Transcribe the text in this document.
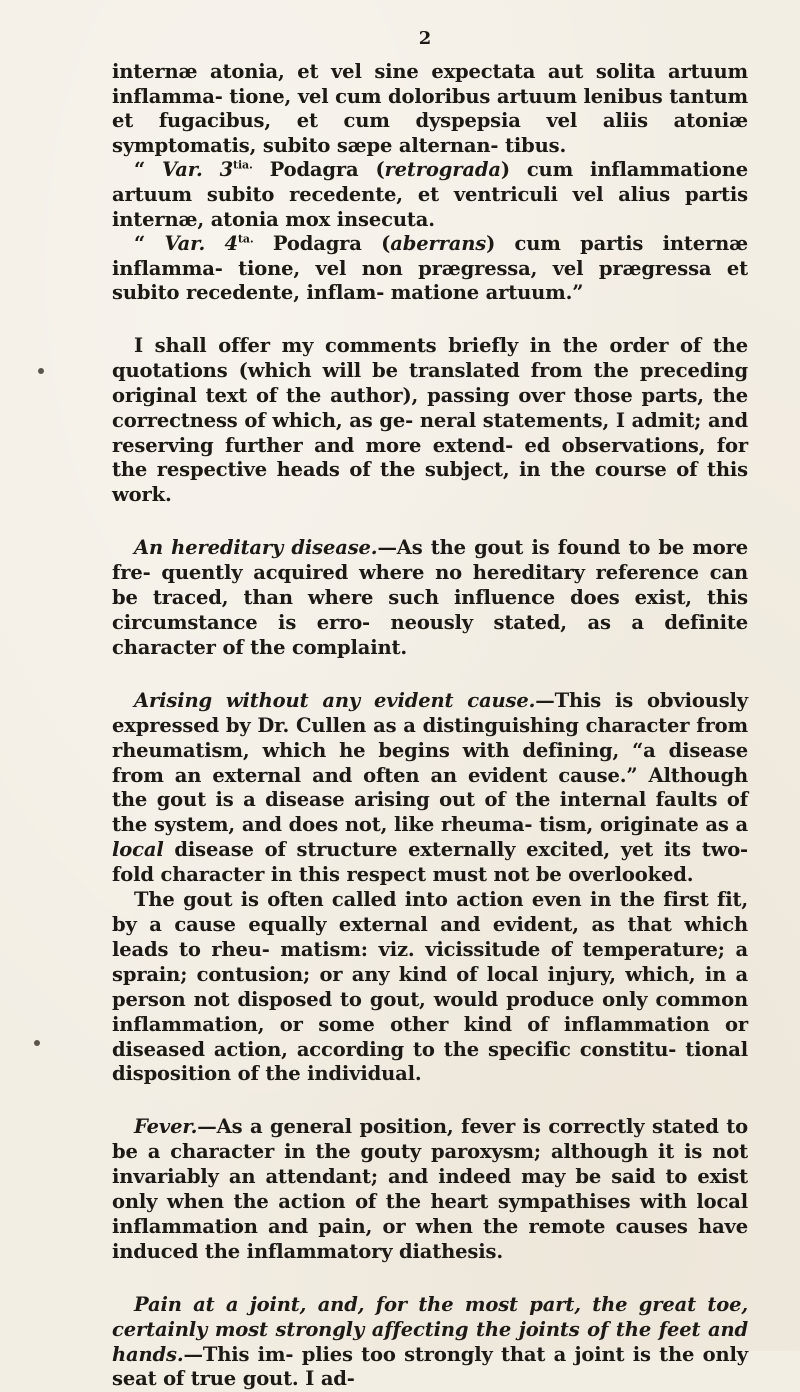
2

internæ atonia, et vel sine expectata aut solita artuum inflamma- tione, vel cum doloribus artuum lenibus tantum et fugacibus, et cum dyspepsia vel aliis atoniæ symptomatis, subito sæpe alternan- tibus.

“ Var. $3^{tia.}$ Podagra (retrograda) cum inflammatione artuum subito recedente, et ventriculi vel alius partis internæ, atonia mox insecuta.

“ Var. $4^{ta.}$ Podagra (aberrans) cum partis internæ inflamma- tione, vel non prægressa, vel prægressa et subito recedente, inflam- matione artuum.”

I shall offer my comments briefly in the order of the quotations (which will be translated from the preceding original text of the author), passing over those parts, the correctness of which, as ge- neral statements, I admit; and reserving further and more extend- ed observations, for the respective heads of the subject, in the course of this work.

An hereditary disease.—As the gout is found to be more fre- quently acquired where no hereditary reference can be traced, than where such influence does exist, this circumstance is erro- neously stated, as a definite character of the complaint.

Arising without any evident cause.—This is obviously expressed by Dr. Cullen as a distinguishing character from rheumatism, which he begins with defining, “a disease from an external and often an evident cause.” Although the gout is a disease arising out of the internal faults of the system, and does not, like rheuma- tism, originate as a local disease of structure externally excited, yet its two-fold character in this respect must not be overlooked.

The gout is often called into action even in the first fit, by a cause equally external and evident, as that which leads to rheu- matism: viz. vicissitude of temperature; a sprain; contusion; or any kind of local injury, which, in a person not disposed to gout, would produce only common inflammation, or some other kind of inflammation or diseased action, according to the specific constitu- tional disposition of the individual.

Fever.—As a general position, fever is correctly stated to be a character in the gouty paroxysm; although it is not invariably an attendant; and indeed may be said to exist only when the action of the heart sympathises with local inflammation and pain, or when the remote causes have induced the inflammatory diathesis.

Pain at a joint, and, for the most part, the great toe, certainly most strongly affecting the joints of the feet and hands.—This im- plies too strongly that a joint is the only seat of true gout. I ad-
